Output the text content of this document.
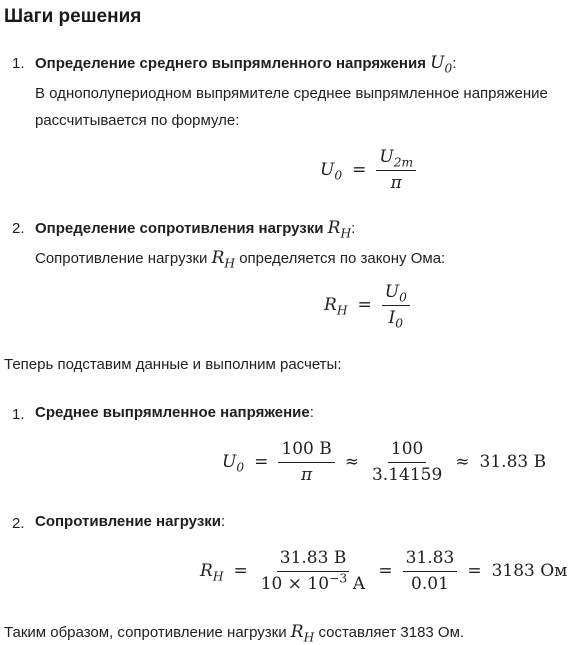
Шаги решения
1. Определение среднего выпрямленного напряжения $U_0$:
В однополупериодном выпрямителе среднее выпрямленное напряжение
рассчитывается по формуле:
$U_0 = \frac{U_{2m}}{\pi}$
2. Определение сопротивления нагрузки $R_H$:
Сопротивление нагрузки $R_H$ определяется по закону Ома:
$R_H = \frac{U_0}{I_0}$
Теперь подставим данные и выполним расчеты:
1. Среднее выпрямленное напряжение:
$U_0 = \frac{100 В}{\pi} \approx \frac{100}{3.14159} \approx 31.83$ В
2. Сопротивление нагрузки:
$R_H = \frac{31.83 В}{10 \times 10^{-3} А} = \frac{31.83}{0.01} = 3183$ Ом
Таким образом, сопротивление нагрузки $R_H$ составляет 3183 Ом.
